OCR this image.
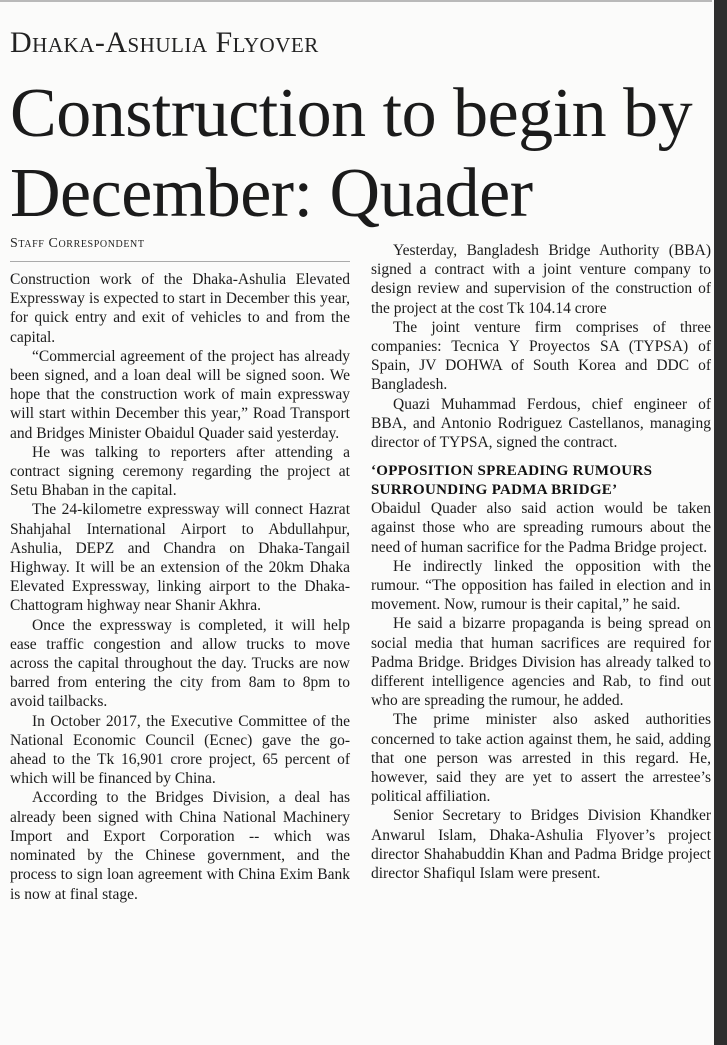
Dhaka-Ashulia Flyover
Construction to begin by December: Quader
Staff Correspondent

Construction work of the Dhaka-Ashulia Elevated Expressway is expected to start in December this year, for quick entry and exit of vehicles to and from the capital.

“Commercial agreement of the project has already been signed, and a loan deal will be signed soon. We hope that the construction work of main expressway will start within December this year,” Road Transport and Bridges Minister Obaidul Quader said yesterday.

He was talking to reporters after attending a contract signing ceremony regarding the project at Setu Bhaban in the capital.

The 24-kilometre expressway will connect Hazrat Shahjahal International Airport to Abdullahpur, Ashulia, DEPZ and Chandra on Dhaka-Tangail Highway. It will be an extension of the 20km Dhaka Elevated Expressway, linking airport to the Dhaka-Chattogram highway near Shanir Akhra.

Once the expressway is completed, it will help ease traffic congestion and allow trucks to move across the capital throughout the day. Trucks are now barred from entering the city from 8am to 8pm to avoid tailbacks.

In October 2017, the Executive Committee of the National Economic Council (Ecnec) gave the go-ahead to the Tk 16,901 crore project, 65 percent of which will be financed by China.

According to the Bridges Division, a deal has already been signed with China National Machinery Import and Export Corporation -- which was nominated by the Chinese government, and the process to sign loan agreement with China Exim Bank is now at final stage.

Yesterday, Bangladesh Bridge Authority (BBA) signed a contract with a joint venture company to design review and supervision of the construction of the project at the cost Tk 104.14 crore

The joint venture firm comprises of three companies: Tecnica Y Proyectos SA (TYPSA) of Spain, JV DOHWA of South Korea and DDC of Bangladesh.

Quazi Muhammad Ferdous, chief engineer of BBA, and Antonio Rodriguez Castellanos, managing director of TYPSA, signed the contract.

‘OPPOSITION SPREADING RUMOURS SURROUNDING PADMA BRIDGE’

Obaidul Quader also said action would be taken against those who are spreading rumours about the need of human sacrifice for the Padma Bridge project.

He indirectly linked the opposition with the rumour. “The opposition has failed in election and in movement. Now, rumour is their capital,” he said.

He said a bizarre propaganda is being spread on social media that human sacrifices are required for Padma Bridge. Bridges Division has already talked to different intelligence agencies and Rab, to find out who are spreading the rumour, he added.

The prime minister also asked authorities concerned to take action against them, he said, adding that one person was arrested in this regard. He, however, said they are yet to assert the arrestee’s political affiliation.

Senior Secretary to Bridges Division Khandker Anwarul Islam, Dhaka-Ashulia Flyover’s project director Shahabuddin Khan and Padma Bridge project director Shafiqul Islam were present.
